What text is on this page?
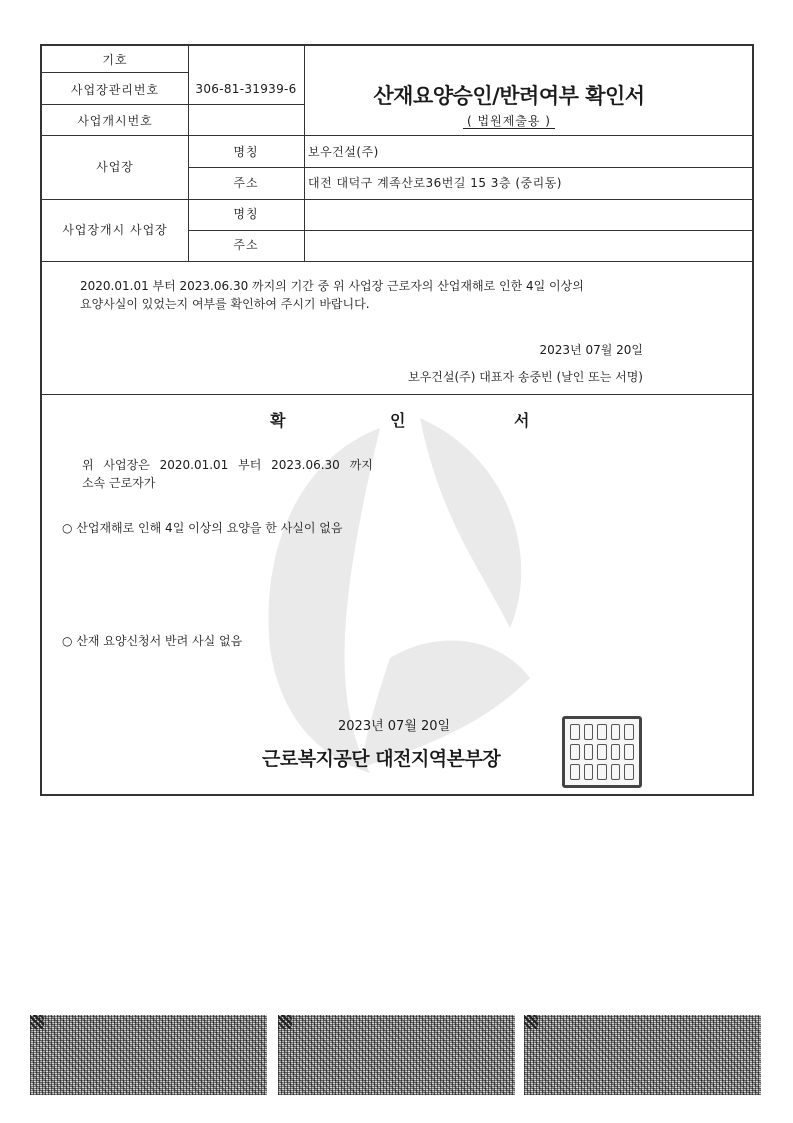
기호
사업장관리번호	306-81-31939-6
사업개시번호
산재요양승인/반려여부 확인서
( 법원제출용 )
사업장
명칭	보우건설(주)
주소	대전 대덕구 계족산로36번길 15 3층 (중리동)
사업장개시 사업장
명칭
주소
2020.01.01 부터 2023.06.30 까지의 기간 중 위 사업장 근로자의 산업재해로 인한 4일 이상의
요양사실이 있었는지 여부를 확인하여 주시기 바랍니다.
2023년 07월 20일
보우건설(주) 대표자 송중빈 (날인 또는 서명)
확	인	서
위 사업장은 2020.01.01 부터 2023.06.30 까지
소속 근로자가
○ 산업재해로 인해 4일 이상의 요양을 한 사실이 없음
○ 산재 요양신청서 반려 사실 없음
2023년 07월 20일
근로복지공단 대전지역본부장
